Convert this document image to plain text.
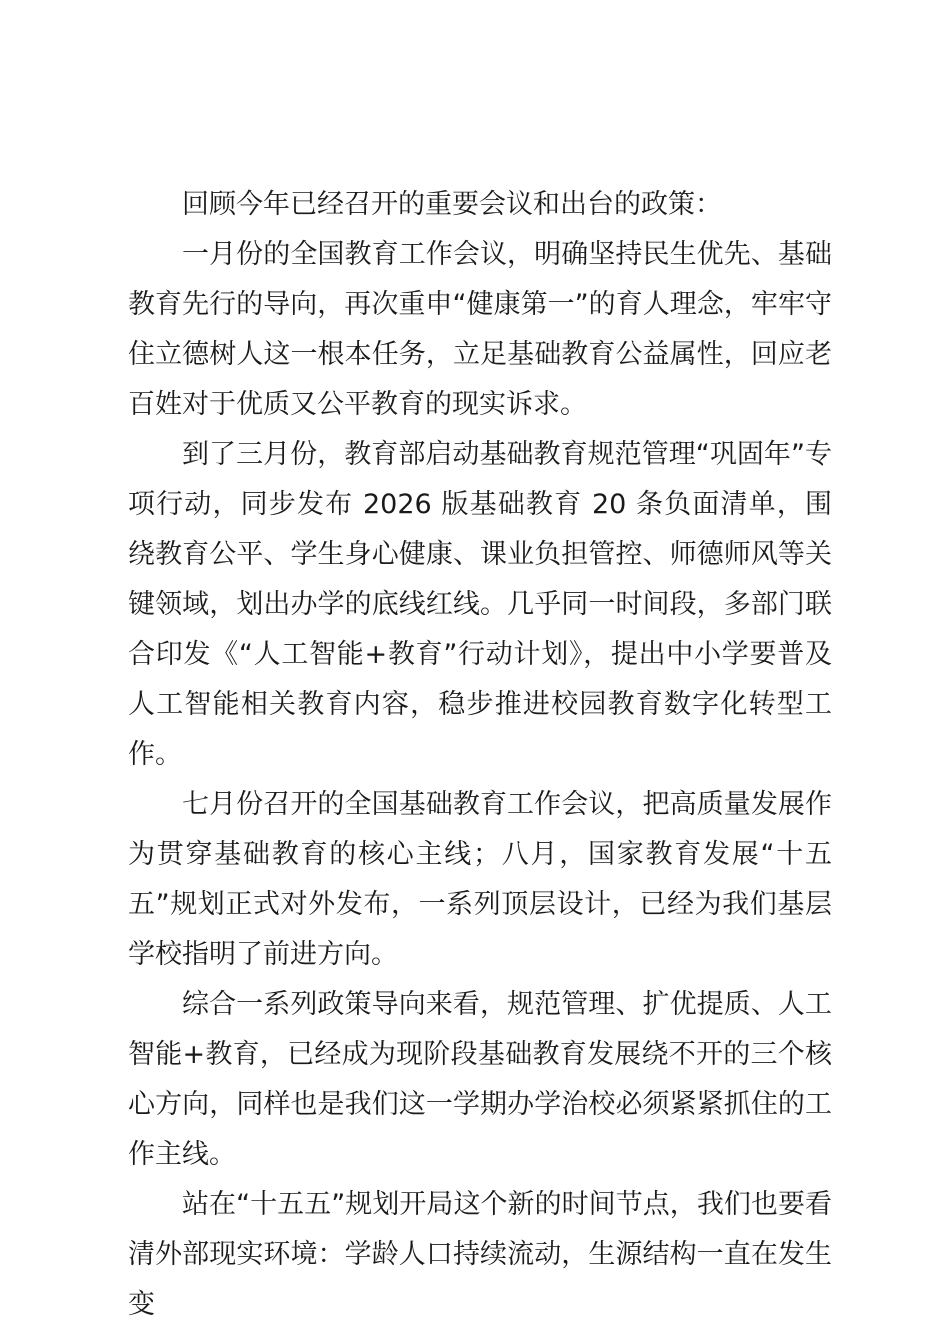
回顾今年已经召开的重要会议和出台的政策：

一月份的全国教育工作会议，明确坚持民生优先、基础教育先行的导向，再次重申“健康第一”的育人理念，牢牢守住立德树人这一根本任务，立足基础教育公益属性，回应老百姓对于优质又公平教育的现实诉求。

到了三月份，教育部启动基础教育规范管理“巩固年”专项行动，同步发布 2026 版基础教育 20 条负面清单，围绕教育公平、学生身心健康、课业负担管控、师德师风等关键领域，划出办学的底线红线。几乎同一时间段，多部门联合印发《“人工智能+教育”行动计划》，提出中小学要普及人工智能相关教育内容，稳步推进校园教育数字化转型工作。

七月份召开的全国基础教育工作会议，把高质量发展作为贯穿基础教育的核心主线；八月，国家教育发展“十五五”规划正式对外发布，一系列顶层设计，已经为我们基层学校指明了前进方向。

综合一系列政策导向来看，规范管理、扩优提质、人工智能+教育，已经成为现阶段基础教育发展绕不开的三个核心方向，同样也是我们这一学期办学治校必须紧紧抓住的工作主线。

站在“十五五”规划开局这个新的时间节点，我们也要看清外部现实环境：学龄人口持续流动，生源结构一直在发生变
